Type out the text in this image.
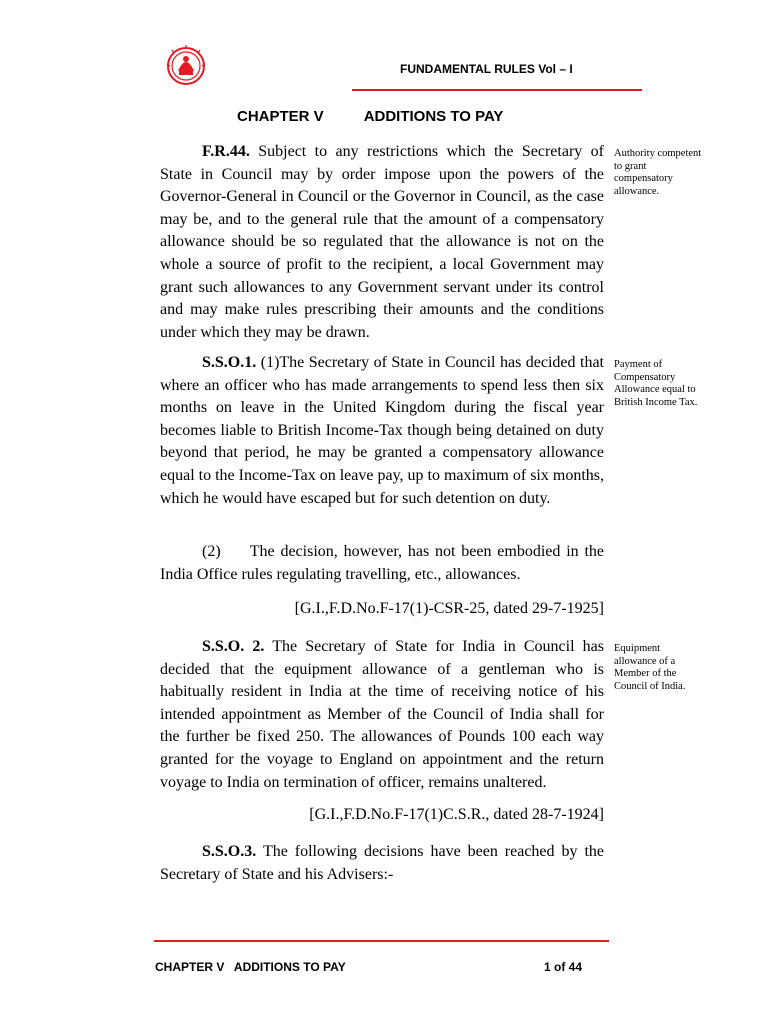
FUNDAMENTAL RULES Vol – I
CHAPTER V	ADDITIONS TO PAY
F.R.44. Subject to any restrictions which the Secretary of State in Council may by order impose upon the powers of the Governor-General in Council or the Governor in Council, as the case may be, and to the general rule that the amount of a compensatory allowance should be so regulated that the allowance is not on the whole a source of profit to the recipient, a local Government may grant such allowances to any Government servant under its control and may make rules prescribing their amounts and the conditions under which they may be drawn.
Authority competent to grant compensatory allowance.
S.S.O.1. (1)The Secretary of State in Council has decided that where an officer who has made arrangements to spend less then six months on leave in the United Kingdom during the fiscal year becomes liable to British Income-Tax though being detained on duty beyond that period, he may be granted a compensatory allowance equal to the Income-Tax on leave pay, up to maximum of six months, which he would have escaped but for such detention on duty.
Payment of Compensatory Allowance equal to British Income Tax.
(2) The decision, however, has not been embodied in the India Office rules regulating travelling, etc., allowances.
[G.I.,F.D.No.F-17(1)-CSR-25, dated 29-7-1925]
S.S.O. 2. The Secretary of State for India in Council has decided that the equipment allowance of a gentleman who is habitually resident in India at the time of receiving notice of his intended appointment as Member of the Council of India shall for the further be fixed 250. The allowances of Pounds 100 each way granted for the voyage to England on appointment and the return voyage to India on termination of officer, remains unaltered.
Equipment allowance of a Member of the Council of India.
[G.I.,F.D.No.F-17(1)C.S.R., dated 28-7-1924]
S.S.O.3. The following decisions have been reached by the Secretary of State and his Advisers:-
CHAPTER V   ADDITIONS TO PAY	1 of 44
